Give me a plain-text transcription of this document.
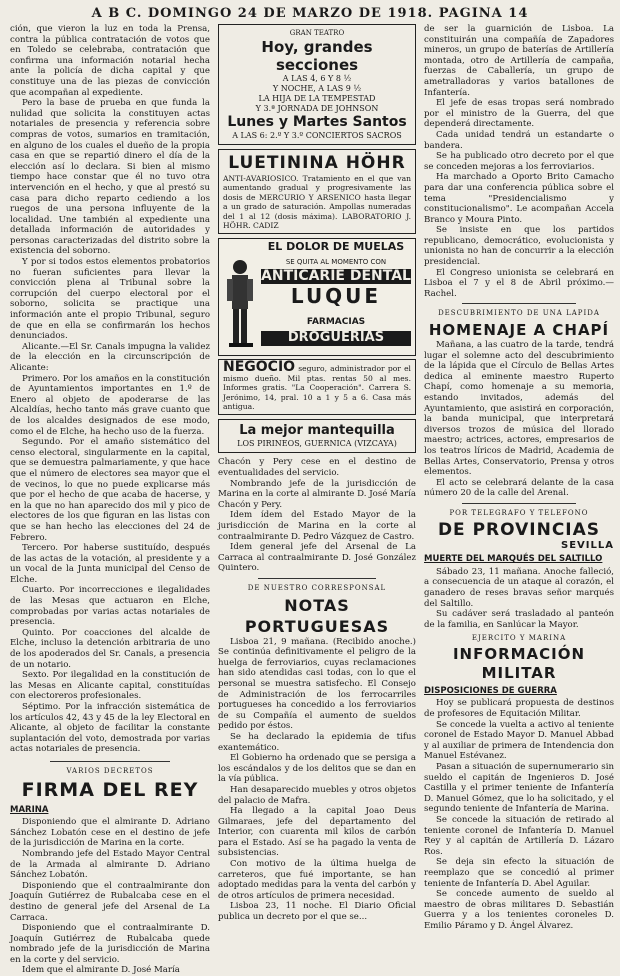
A B C. DOMINGO 24 DE MARZO DE 1918. PAGINA 14

ción, que vieron la luz en toda la Prensa, contra la pública contratación de votos que en Toledo se celebraba, contratación que confirma una información notarial hecha ante la policía de dicha capital y que constituye una de las piezas de convicción que acompañan al expediente.

Pero la base de prueba en que funda la nulidad que solicita la constituyen actas notariales de presencia y referencia sobre compras de votos, sumarios en tramitación, en alguno de los cuales el dueño de la propia casa en que se repartió dinero el día de la elección así lo declara. Si bien al mismo tiempo hace constar que él no tuvo otra intervención en el hecho, y que al prestó su casa para dicho reparto cediendo a los ruegos de una persona influyente de la localidad. Une también al expediente una detallada información de autoridades y personas caracterizadas del distrito sobre la existencia del soborno.

Y por si todos estos elementos probatorios no fueran suficientes para llevar la convicción plena al Tribunal sobre la corrupción del cuerpo electoral por el soborno, solicita se practique una información ante el propio Tribunal, seguro de que en ella se confirmarán los hechos denunciados.

Alicante.—El Sr. Canals impugna la validez de la elección en la circunscripción de Alicante:

Primero. Por los amaños en la constitución de Ayuntamientos importantes en 1.º de Enero al objeto de apoderarse de las Alcaldías, hecho tanto más grave cuanto que de los alcaldes designados de ese modo, como el de Elche, ha hecho uso de la fuerza.

Segundo. Por el amaño sistemático del censo electoral, singularmente en la capital, que se demuestra palmariamente, y que hace que el número de electores sea mayor que el de vecinos, lo que no puede explicarse más que por el hecho de que acaba de hacerse, y en la que no han aparecido dos mil y pico de electores de los que figuran en las listas con que se han hecho las elecciones del 24 de Febrero.

Tercero. Por haberse sustituído, después de las actas de la votación, al presidente y a un vocal de la Junta municipal del Censo de Elche.

Cuarto. Por incorrecciones e ilegalidades de las Mesas que actuaron en Elche, comprobadas por varias actas notariales de presencia.

Quinto. Por coacciones del alcalde de Elche, incluso la detención arbitraria de uno de los apoderados del Sr. Canals, a presencia de un notario.

Sexto. Por ilegalidad en la constitución de las Mesas en Alicante capital, constituídas con electoreros profesionales.

Séptimo. Por la infracción sistemática de los artículos 42, 43 y 45 de la ley Electoral en Alicante, al objeto de facilitar la constante suplantación del voto, demostrada por varias actas notariales de presencia.

VARIOS DECRETOS
FIRMA DEL REY
MARINA

Disponiendo que el almirante D. Adriano Sánchez Lobatón cese en el destino de jefe de la jurisdicción de Marina en la corte.

Nombrando jefe del Estado Mayor Central de la Armada al almirante D. Adriano Sánchez Lobatón.

Disponiendo que el contraalmirante don Joaquín Gutiérrez de Rubalcaba cese en el destino de general jefe del Arsenal de La Carraca.

Disponiendo que el contraalmirante D. Joaquín Gutiérrez de Rubalcaba quede nombrado jefe de la jurisdicción de Marina en la corte y del servicio.

Idem que el almirante D. José María

GRAN TEATRO
Hoy, grandes secciones
A LAS 4, 6 Y 8 ½
Y NOCHE, A LAS 9 ½
LA HIJA DE LA TEMPESTAD
Y 3.ª JORNADA DE JOHNSON
Lunes y Martes Santos
A LAS 6: 2.º Y 3.º CONCIERTOS SACROS
LUETININA HÖHR
ANTI-AVARIOSICO. Tratamiento en el que van aumentando gradual y progresivamente las dosis de MERCURIO Y ARSENICO hasta llegar a un grado de saturación. Ampollas numeradas del 1 al 12 (dosis máxima). LABORATORIO J. HÖHR. CADIZ
EL DOLOR DE MUELAS
SE QUITA AL MOMENTO CON
ANTICARIE DENTAL
LUQUE
FARMACIAS
DROGUERIAS
NEGOCIO seguro, administrador por el mismo dueño. Mil ptas. rentas 50 al mes. Informes gratis. "La Cooperación". Carrera S. Jerónimo, 14, pral. 10 a 1 y 5 a 6. Casa más antigua.
La mejor mantequilla
LOS PIRINEOS, GUERNICA (VIZCAYA)

Chacón y Pery cese en el destino de eventualidades del servicio.

Nombrando jefe de la jurisdicción de Marina en la corte al almirante D. José María Chacón y Pery.

Idem ídem del Estado Mayor de la jurisdicción de Marina en la corte al contraalmirante D. Pedro Vázquez de Castro.

Idem general jefe del Arsenal de La Carraca al contraalmirante D. José González Quintero.

DE NUESTRO CORRESPONSAL
NOTAS PORTUGUESAS

Lisboa 21, 9 mañana. (Recibido anoche.) Se continúa definitivamente el peligro de la huelga de ferroviarios, cuyas reclamaciones han sido atendidas casi todas, con lo que el personal se muestra satisfecho. El Consejo de Administración de los ferrocarriles portugueses ha concedido a los ferroviarios de su Compañía el aumento de sueldos pedido por éstos.

Se ha declarado la epidemia de tifus exantemático.

El Gobierno ha ordenado que se persiga a los escándalos y de los delitos que se dan en la vía pública.

Han desaparecido muebles y otros objetos del palacio de Mafra.

Ha llegado a la capital Joao Deus Gilmaraes, jefe del departamento del Interior, con cuarenta mil kilos de carbón para el Estado. Así se ha pagado la venta de subsistencias.

Con motivo de la última huelga de carreteros, que fué importante, se han adoptado medidas para la venta del carbón y de otros artículos de primera necesidad.

Lisboa 23, 11 noche. El Diario Oficial publica un decreto por el que se...

de ser la guarnición de Lisboa. La constituirán una compañía de Zapadores mineros, un grupo de baterías de Artillería montada, otro de Artillería de campaña, fuerzas de Caballería, un grupo de ametralladoras y varios batallones de Infantería.

El jefe de esas tropas será nombrado por el ministro de la Guerra, del que dependerá directamente.

Cada unidad tendrá un estandarte o bandera.

Se ha publicado otro decreto por el que se conceden mejoras a los ferroviarios.

Ha marchado a Oporto Brito Camacho para dar una conferencia pública sobre el tema "Presidencialismo y constitucionalismo". Le acompañan Accela Branco y Moura Pinto.

Se insiste en que los partidos republicano, democrático, evolucionista y unionista no han de concurrir a la elección presidencial.

El Congreso unionista se celebrará en Lisboa el 7 y el 8 de Abril próximo.—Rachel.

DESCUBRIMIENTO DE UNA LAPIDA
HOMENAJE A CHAPÍ

Mañana, a las cuatro de la tarde, tendrá lugar el solemne acto del descubrimiento de la lápida que el Círculo de Bellas Artes dedica al eminente maestro Ruperto Chapí, como homenaje a su memoria, estando invitados, además del Ayuntamiento, que asistirá en corporación, la banda municipal, que interpretará diversos trozos de música del llorado maestro; actrices, actores, empresarios de los teatros líricos de Madrid, Academia de Bellas Artes, Conservatorio, Prensa y otros elementos.

El acto se celebrará delante de la casa número 20 de la calle del Arenal.

POR TELEGRAFO Y TELEFONO
DE PROVINCIAS
SEVILLA
MUERTE DEL MARQUÉS DEL SALTILLO

Sábado 23, 11 mañana. Anoche falleció, a consecuencia de un ataque al corazón, el ganadero de reses bravas señor marqués del Saltillo.

Su cadáver será trasladado al panteón de la familia, en Sanlúcar la Mayor.

EJERCITO Y MARINA
INFORMACIÓN MILITAR
DISPOSICIONES DE GUERRA

Hoy se publicará propuesta de destinos de profesores de Equitación Militar.

Se concede la vuelta a activo al teniente coronel de Estado Mayor D. Manuel Abbad y al auxiliar de primera de Intendencia don Manuel Estévanez.

Pasan a situación de supernumerario sin sueldo el capitán de Ingenieros D. José Castilla y el primer teniente de Infantería D. Manuel Gómez, que lo ha solicitado, y el segundo teniente de Infantería de Marina.

Se concede la situación de retirado al teniente coronel de Infantería D. Manuel Rey y al capitán de Artillería D. Lázaro Ros.

Se deja sin efecto la situación de reemplazo que se concedió al primer teniente de Infantería D. Abel Aguilar.

Se concede aumento de sueldo al maestro de obras militares D. Sebastián Guerra y a los tenientes coroneles D. Emilio Páramo y D. Ángel Álvarez.
